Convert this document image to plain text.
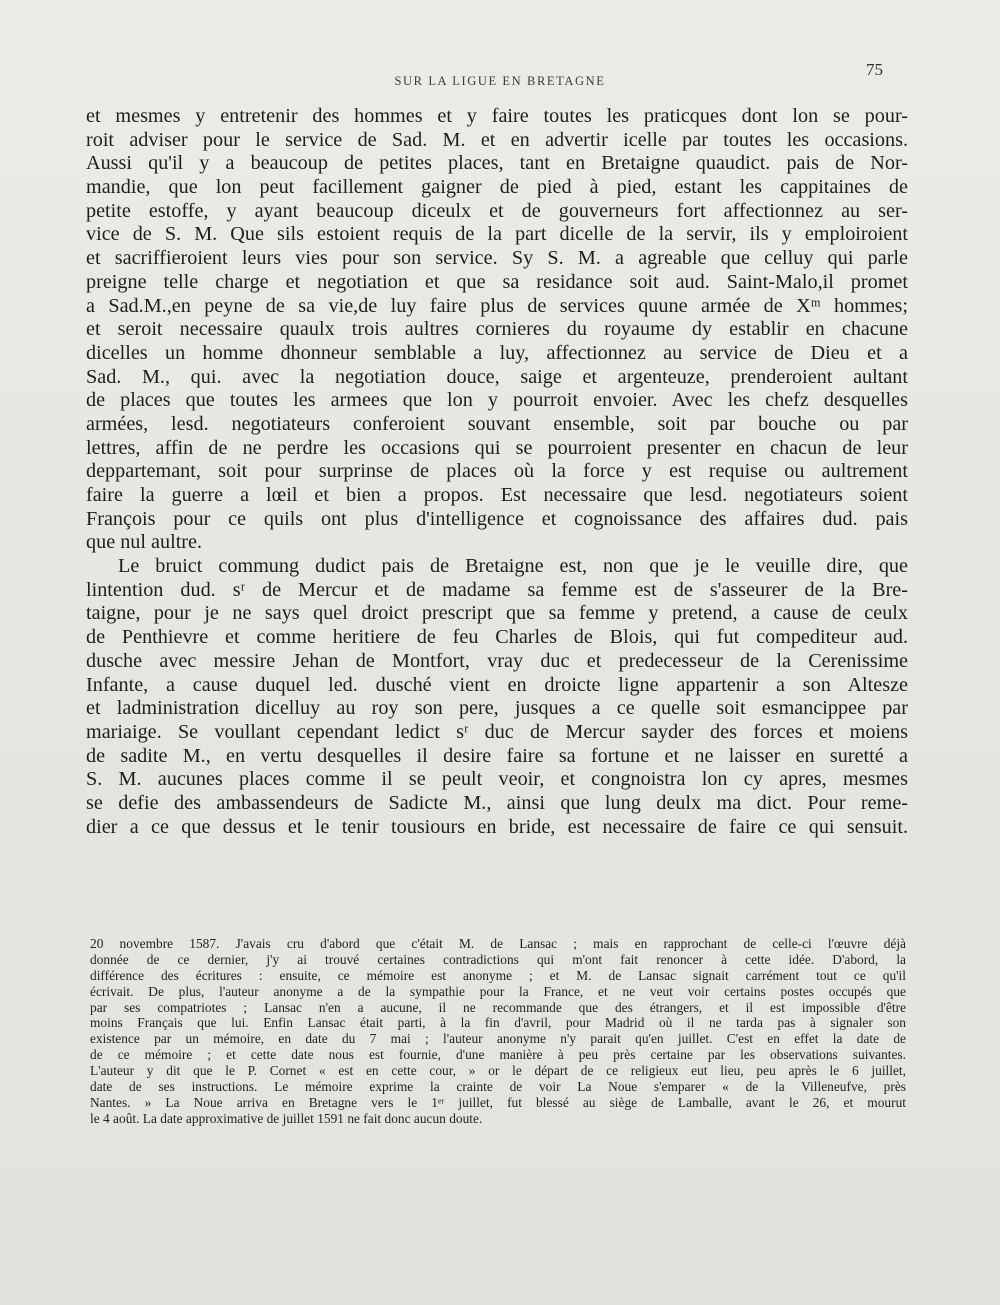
SUR LA LIGUE EN BRETAGNE
75
et mesmes y entretenir des hommes et y faire toutes les praticques dont lon se pour-
roit adviser pour le service de Sad. M. et en advertir icelle par toutes les occasions.
Aussi qu'il y a beaucoup de petites places, tant en Bretaigne quaudict. pais de Nor-
mandie, que lon peut facillement gaigner de pied à pied, estant les cappitaines de
petite estoffe, y ayant beaucoup diceulx et de gouverneurs fort affectionnez au ser-
vice de S. M. Que sils estoient requis de la part dicelle de la servir, ils y emploiroient
et sacriffieroient leurs vies pour son service. Sy S. M. a agreable que celluy qui parle
preigne telle charge et negotiation et que sa residance soit aud. Saint-Malo,il promet
a Sad.M.,en peyne de sa vie,de luy faire plus de services quune armée de Xᵐ hommes;
et seroit necessaire quaulx trois aultres cornieres du royaume dy establir en chacune
dicelles un homme dhonneur semblable a luy, affectionnez au service de Dieu et a
Sad. M., qui. avec la negotiation douce, saige et argenteuze, prenderoient aultant
de places que toutes les armees que lon y pourroit envoier. Avec les chefz desquelles
armées, lesd. negotiateurs conferoient souvant ensemble, soit par bouche ou par
lettres, affin de ne perdre les occasions qui se pourroient presenter en chacun de leur
deppartemant, soit pour surprinse de places où la force y est requise ou aultrement
faire la guerre a lœil et bien a propos. Est necessaire que lesd. negotiateurs soient
François pour ce quils ont plus d'intelligence et cognoissance des affaires dud. pais
que nul aultre.
Le bruict commung dudict pais de Bretaigne est, non que je le veuille dire, que
lintention dud. sʳ de Mercur et de madame sa femme est de s'asseurer de la Bre-
taigne, pour je ne says quel droict prescript que sa femme y pretend, a cause de ceulx
de Penthievre et comme heritiere de feu Charles de Blois, qui fut compediteur aud.
dusche avec messire Jehan de Montfort, vray duc et predecesseur de la Cerenissime
Infante, a cause duquel led. dusché vient en droicte ligne appartenir a son Altesze
et ladministration dicelluy au roy son pere, jusques a ce quelle soit esmancippee par
mariaige. Se voullant cependant ledict sʳ duc de Mercur sayder des forces et moiens
de sadite M., en vertu desquelles il desire faire sa fortune et ne laisser en suretté a
S. M. aucunes places comme il se peult veoir, et congnoistra lon cy apres, mesmes
se defie des ambassendeurs de Sadicte M., ainsi que lung deulx ma dict. Pour reme-
dier a ce que dessus et le tenir tousiours en bride, est necessaire de faire ce qui sensuit.
20 novembre 1587. J'avais cru d'abord que c'était M. de Lansac ; mais en rapprochant de celle-ci l'œuvre déjà
donnée de ce dernier, j'y ai trouvé certaines contradictions qui m'ont fait renoncer à cette idée. D'abord, la
différence des écritures : ensuite, ce mémoire est anonyme ; et M. de Lansac signait carrément tout ce qu'il
écrivait. De plus, l'auteur anonyme a de la sympathie pour la France, et ne veut voir certains postes occupés que
par ses compatriotes ; Lansac n'en a aucune, il ne recommande que des étrangers, et il est impossible d'être
moins Français que lui. Enfin Lansac était parti, à la fin d'avril, pour Madrid où il ne tarda pas à signaler son
existence par un mémoire, en date du 7 mai ; l'auteur anonyme n'y parait qu'en juillet. C'est en effet la date de
de ce mémoire ; et cette date nous est fournie, d'une manière à peu près certaine par les observations suivantes.
L'auteur y dit que le P. Cornet « est en cette cour, » or le départ de ce religieux eut lieu, peu après le 6 juillet,
date de ses instructions. Le mémoire exprime la crainte de voir La Noue s'emparer « de la Villeneufve, près
Nantes. » La Noue arriva en Bretagne vers le 1ᵉʳ juillet, fut blessé au siège de Lamballe, avant le 26, et mourut
le 4 août. La date approximative de juillet 1591 ne fait donc aucun doute.
